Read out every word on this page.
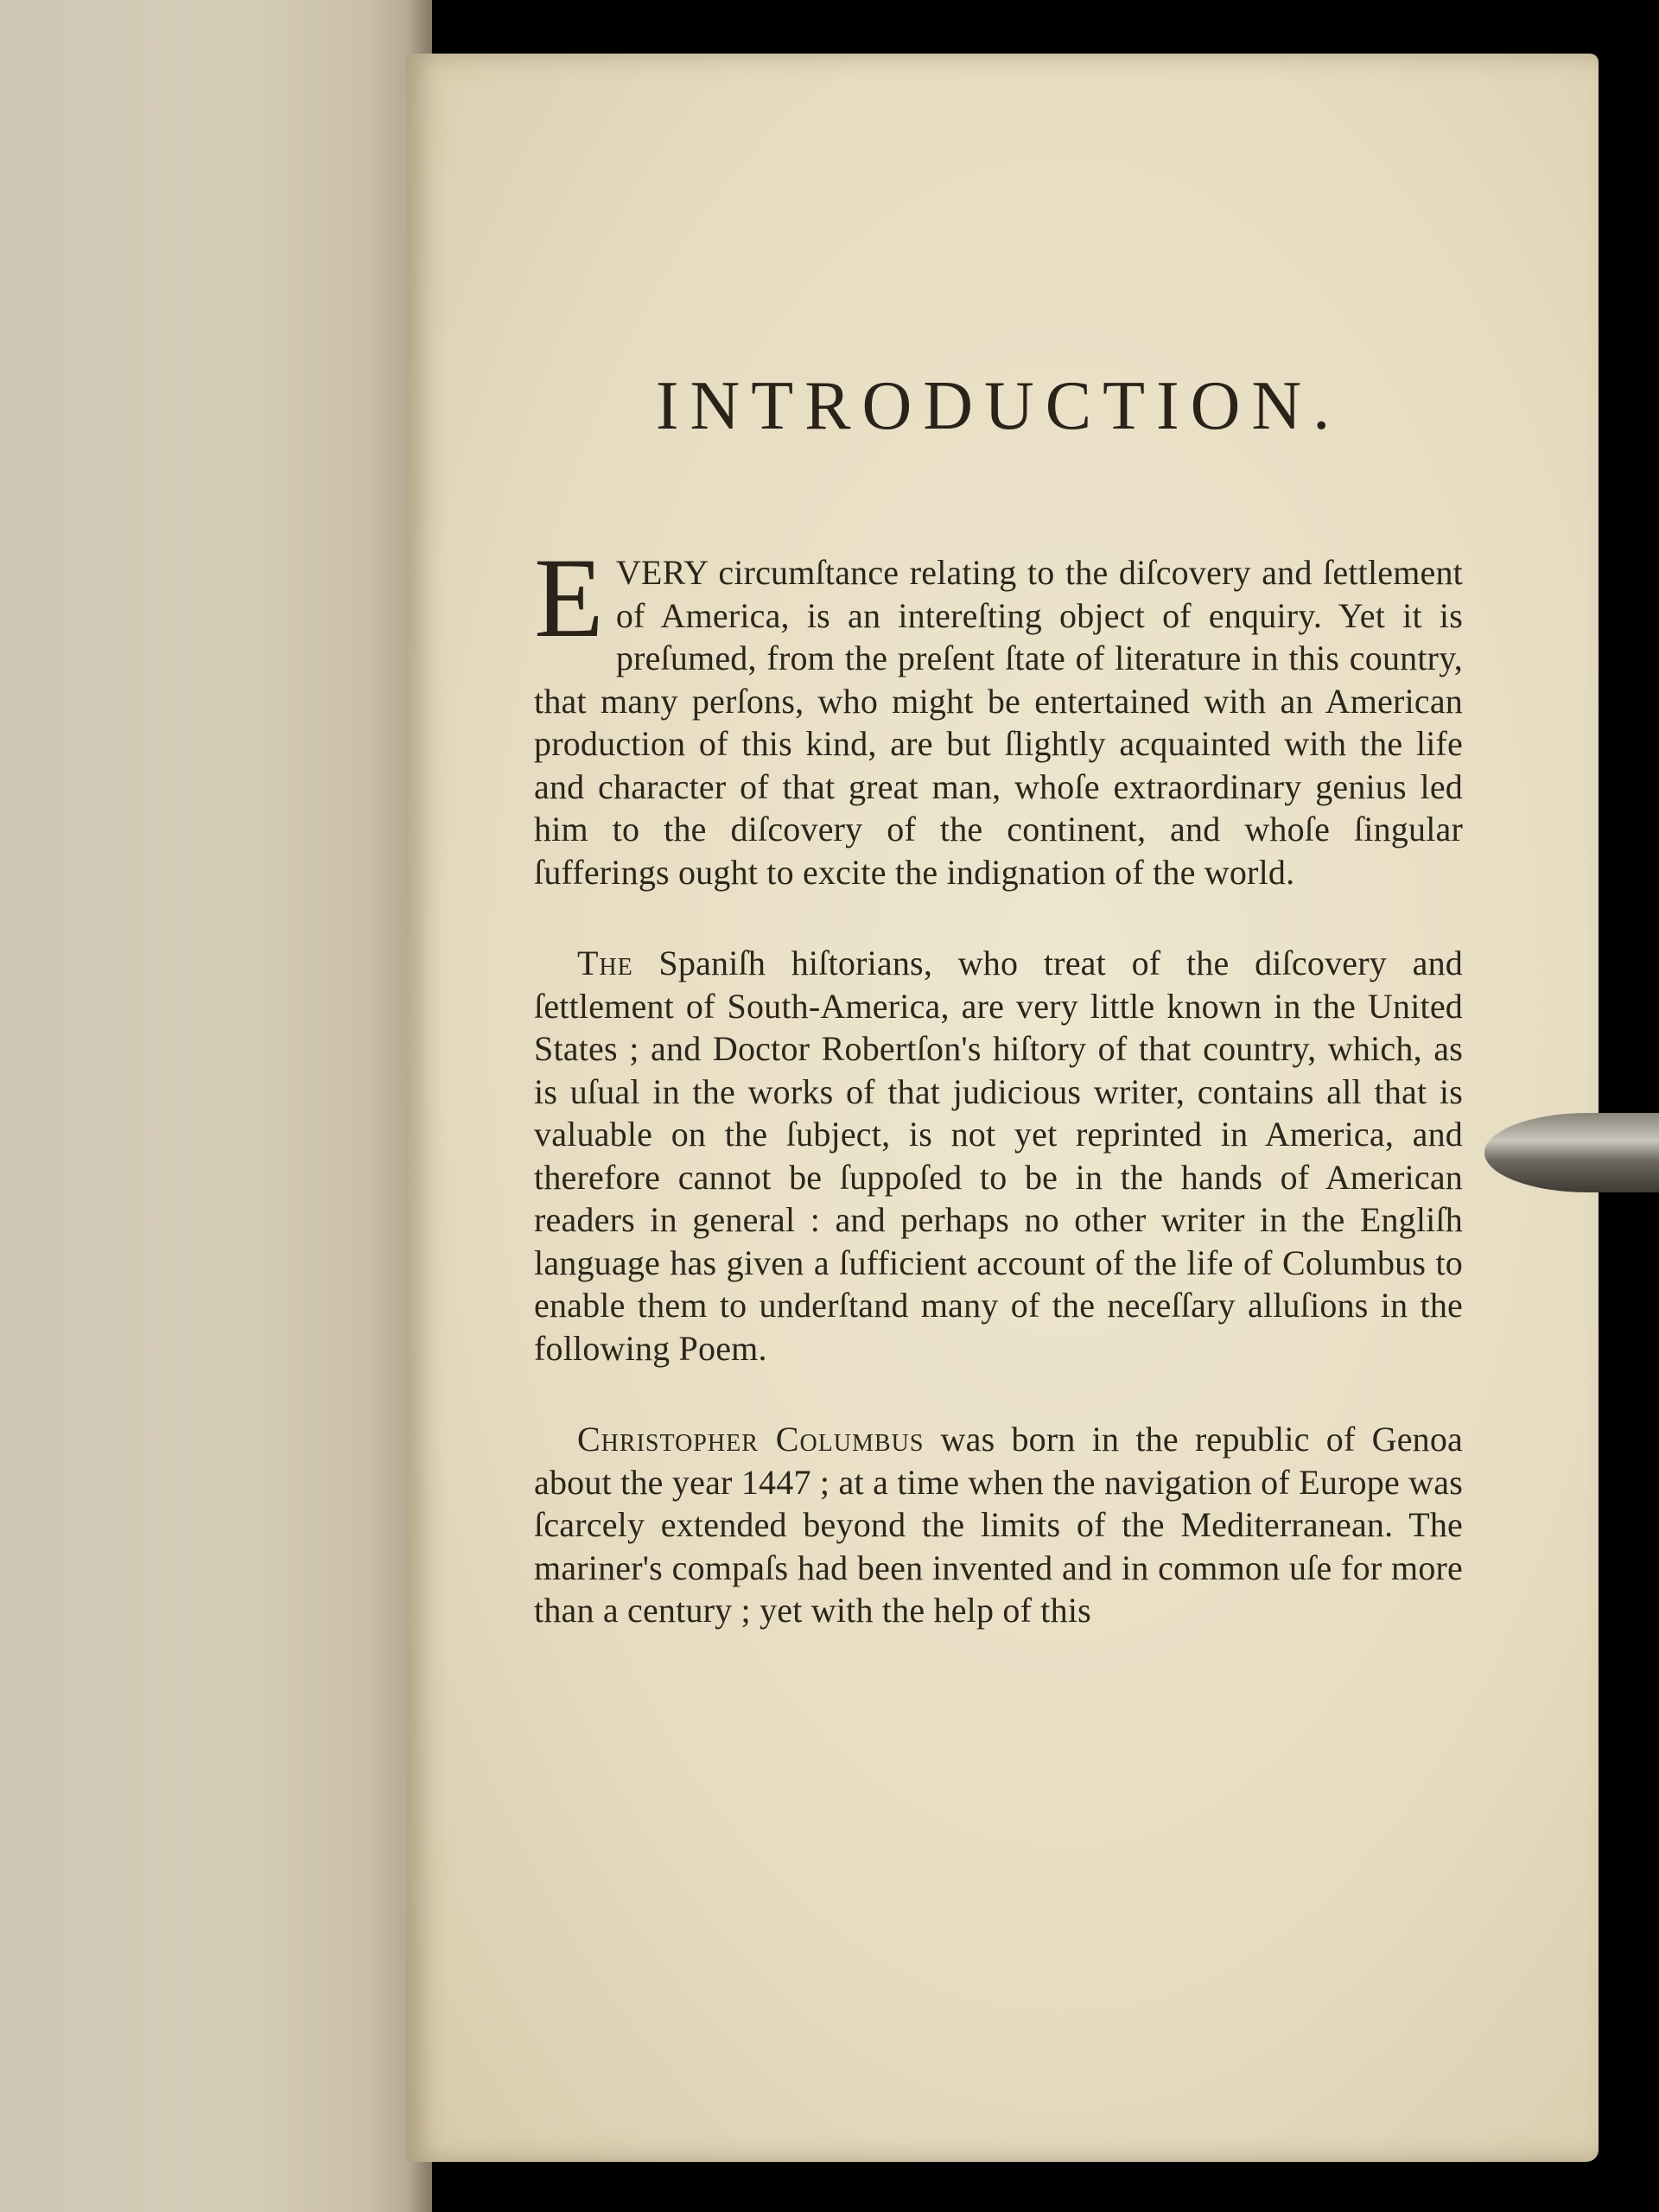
INTRODUCTION.

E VERY circumſtance relating to the diſcovery and ſettlement of America, is an intereſting object of enquiry. Yet it is preſumed, from the preſent ſtate of literature in this country, that many perſons, who might be entertained with an American production of this kind, are but ſlightly acquainted with the life and character of that great man, whoſe extraordinary genius led him to the diſcovery of the continent, and whoſe ſingular ſufferings ought to excite the indignation of the world.

The Spaniſh hiſtorians, who treat of the diſcovery and ſettlement of South-America, are very little known in the United States ; and Doctor Robertſon's hiſtory of that country, which, as is uſual in the works of that judicious writer, contains all that is valuable on the ſubject, is not yet reprinted in America, and therefore cannot be ſuppoſed to be in the hands of American readers in general : and perhaps no other writer in the Engliſh language has given a ſufficient account of the life of Columbus to enable them to underſtand many of the neceſſary alluſions in the following Poem.

Christopher Columbus was born in the republic of Genoa about the year 1447 ; at a time when the navigation of Europe was ſcarcely extended beyond the limits of the Mediterranean. The mariner's compaſs had been invented and in common uſe for more than a century ; yet with the help of this
